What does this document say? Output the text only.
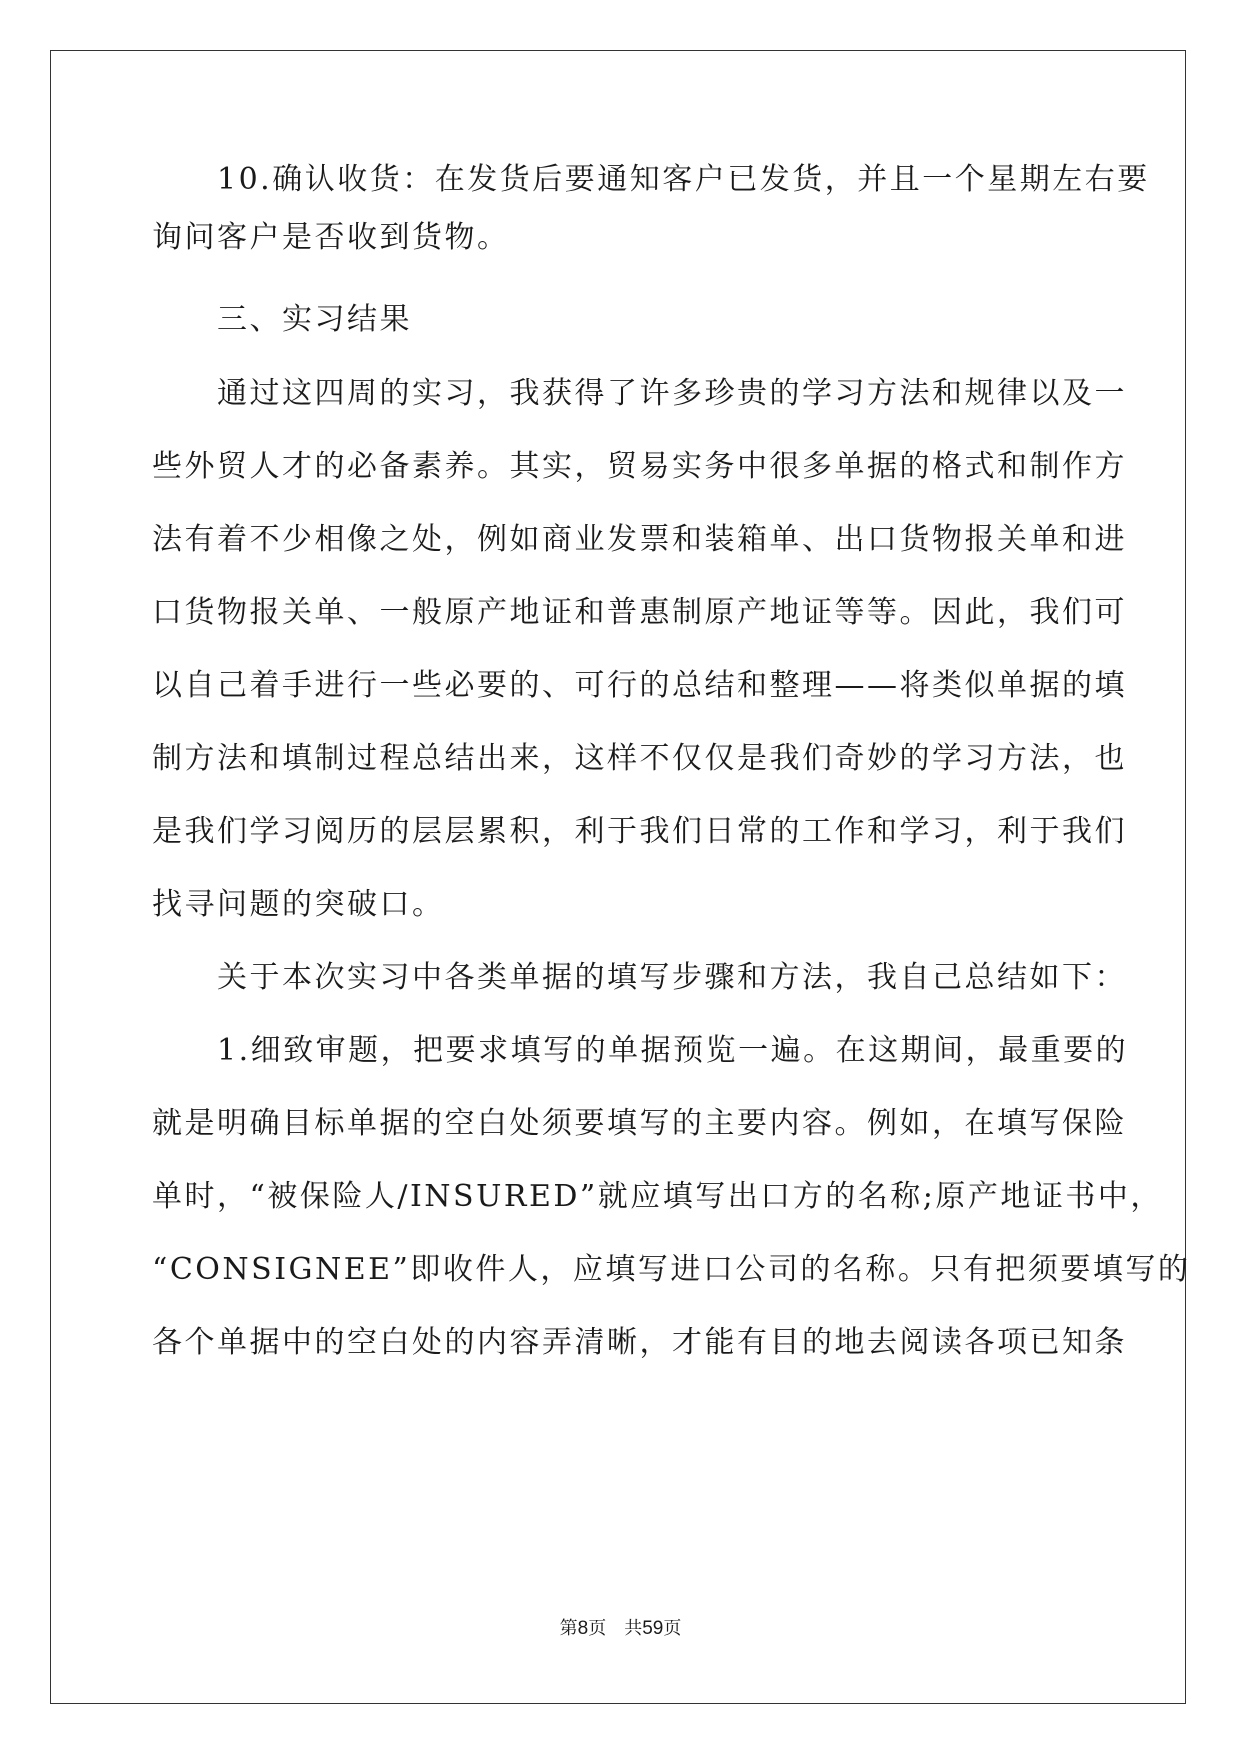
　　10.确认收货：在发货后要通知客户已发货，并且一个星期左右要
询问客户是否收到货物。
　　三、实习结果
　　通过这四周的实习，我获得了许多珍贵的学习方法和规律以及一
些外贸人才的必备素养。其实，贸易实务中很多单据的格式和制作方
法有着不少相像之处，例如商业发票和装箱单、出口货物报关单和进
口货物报关单、一般原产地证和普惠制原产地证等等。因此，我们可
以自己着手进行一些必要的、可行的总结和整理——将类似单据的填
制方法和填制过程总结出来，这样不仅仅是我们奇妙的学习方法，也
是我们学习阅历的层层累积，利于我们日常的工作和学习，利于我们
找寻问题的突破口。
　　关于本次实习中各类单据的填写步骤和方法，我自己总结如下：
　　1.细致审题，把要求填写的单据预览一遍。在这期间，最重要的
就是明确目标单据的空白处须要填写的主要内容。例如，在填写保险
单时，“被保险人/INSURED”就应填写出口方的名称;原产地证书中，
“CONSIGNEE”即收件人，应填写进口公司的名称。只有把须要填写的
各个单据中的空白处的内容弄清晰，才能有目的地去阅读各项已知条
第8页 共59页
